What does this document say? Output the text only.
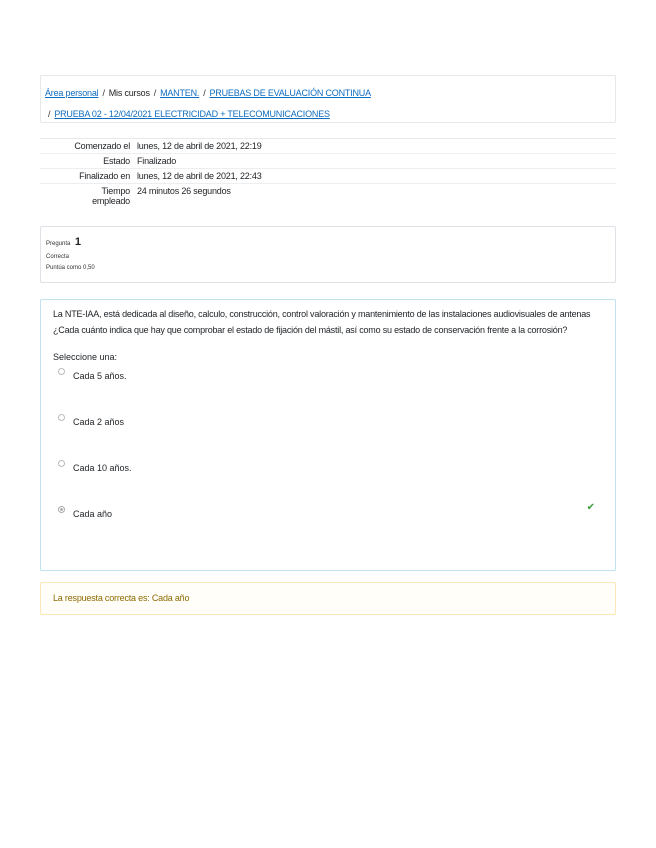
Área personal / Mis cursos / MANTEN. / PRUEBAS DE EVALUACIÓN CONTINUA
/ PRUEBA 02 - 12/04/2021 ELECTRICIDAD + TELECOMUNICACIONES
Comenzado el lunes, 12 de abril de 2021, 22:19
Estado Finalizado
Finalizado en lunes, 12 de abril de 2021, 22:43
Tiempo
empleado
24 minutos 26 segundos
Pregunta 1
Correcta
Puntúa como 0,50
La NTE-IAA, está dedicada al diseño, calculo, construcción, control valoración y mantenimiento de las instalaciones audiovisuales de antenas ¿Cada cuánto indica que hay que comprobar el estado de fijación del mástil, así como su estado de conservación frente a la corrosión?
Seleccione una:
Cada 5 años.
Cada 2 años
Cada 10 años.
Cada año
✔
La respuesta correcta es: Cada año
